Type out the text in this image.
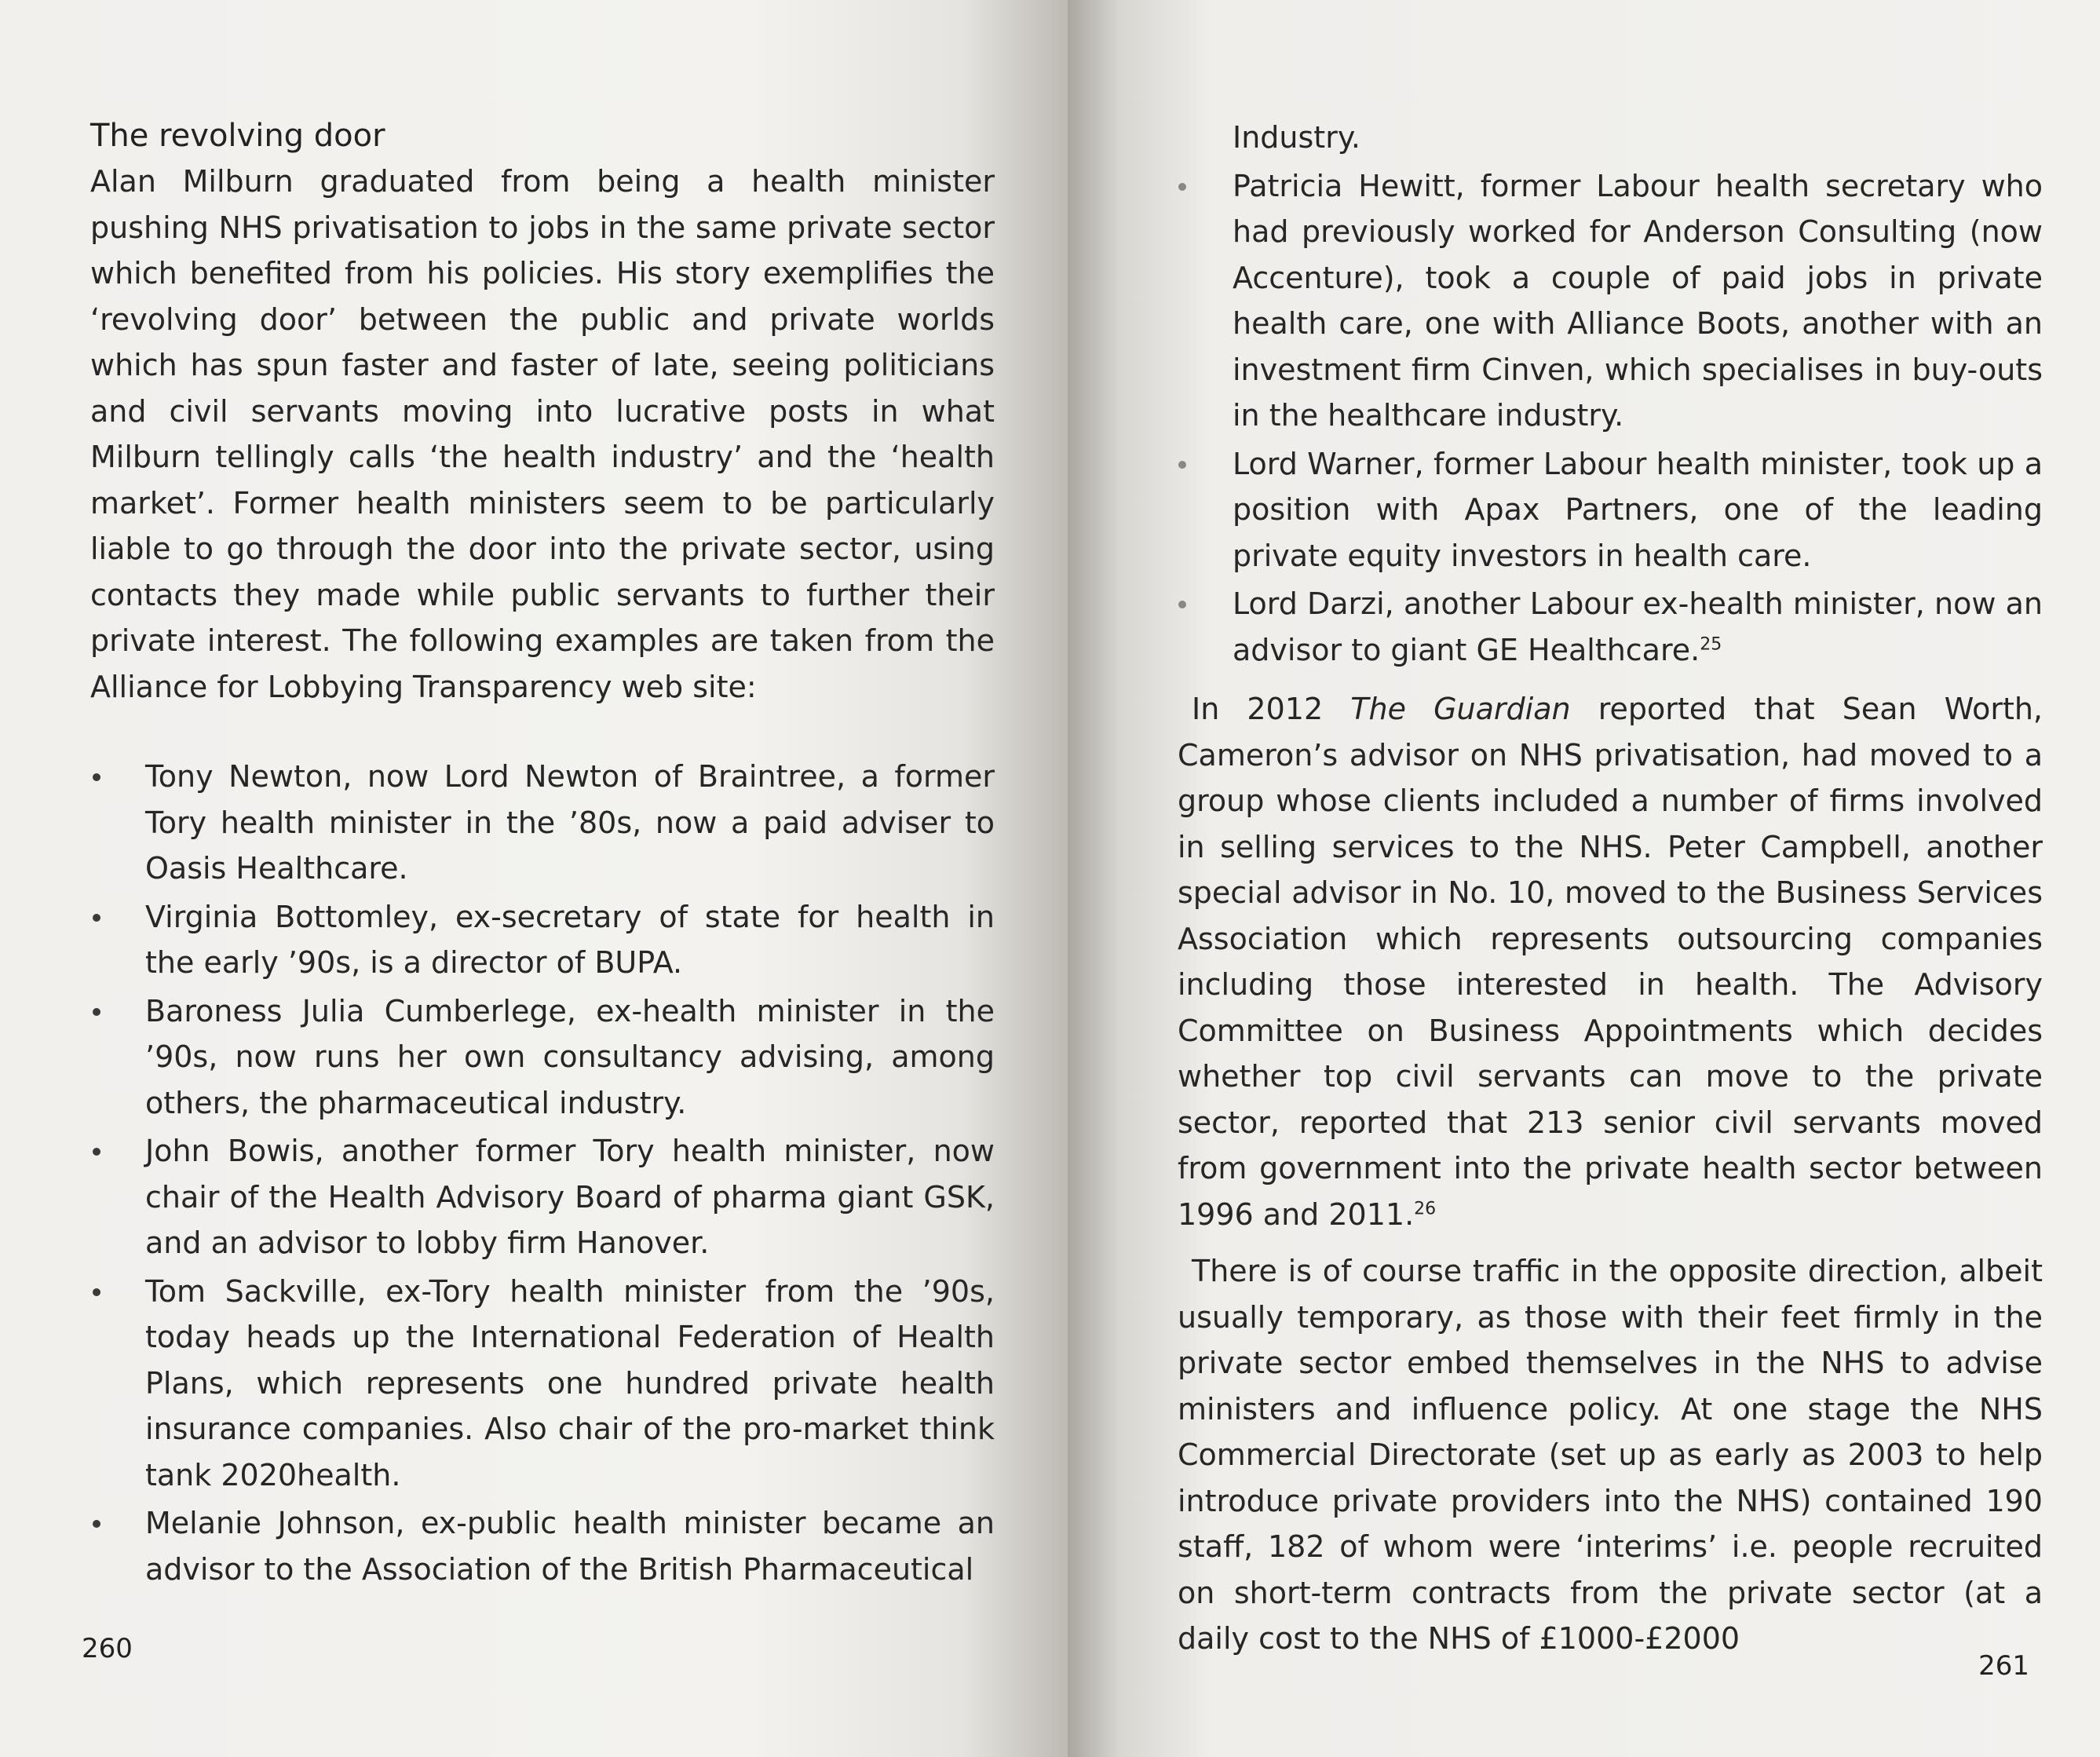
The revolving door

Alan Milburn graduated from being a health minister pushing NHS privatisation to jobs in the same private sector which benefited from his policies. His story exemplifies the ‘revolving door’ between the public and private worlds which has spun faster and faster of late, seeing politicians and civil servants moving into lucrative posts in what Milburn tellingly calls ‘the health industry’ and the ‘health market’. Former health ministers seem to be particularly liable to go through the door into the private sector, using contacts they made while public servants to further their private interest. The following examples are taken from the Alliance for Lobbying Transparency web site:

Tony Newton, now Lord Newton of Braintree, a former Tory health minister in the ’80s, now a paid adviser to Oasis Healthcare.
Virginia Bottomley, ex-secretary of state for health in the early ’90s, is a director of BUPA.
Baroness Julia Cumberlege, ex-health minister in the ’90s, now runs her own consultancy advising, among others, the pharmaceutical industry.
John Bowis, another former Tory health minister, now chair of the Health Advisory Board of pharma giant GSK, and an advisor to lobby firm Hanover.
Tom Sackville, ex-Tory health minister from the ’90s, today heads up the International Federation of Health Plans, which represents one hundred private health insurance companies. Also chair of the pro-market think tank 2020health.
Melanie Johnson, ex-public health minister became an advisor to the Association of the British Pharmaceutical
260
Industry.
Patricia Hewitt, former Labour health secretary who had previously worked for Anderson Consulting (now Accenture), took a couple of paid jobs in private health care, one with Alliance Boots, another with an investment firm Cinven, which specialises in buy-outs in the healthcare industry.
Lord Warner, former Labour health minister, took up a position with Apax Partners, one of the leading private equity investors in health care.
Lord Darzi, another Labour ex-health minister, now an advisor to giant GE Healthcare.$^{25}$

In 2012 The Guardian reported that Sean Worth, Cameron’s advisor on NHS privatisation, had moved to a group whose clients included a number of firms involved in selling services to the NHS. Peter Campbell, another special advisor in No. 10, moved to the Business Services Association which represents outsourcing companies including those interested in health. The Advisory Committee on Business Appointments which decides whether top civil servants can move to the private sector, reported that 213 senior civil servants moved from government into the private health sector between 1996 and 2011.26

There is of course traffic in the opposite direction, albeit usually temporary, as those with their feet firmly in the private sector embed themselves in the NHS to advise ministers and influence policy. At one stage the NHS Commercial Directorate (set up as early as 2003 to help introduce private providers into the NHS) contained 190 staff, 182 of whom were ‘interims’ i.e. people recruited on short-term contracts from the private sector (at a daily cost to the NHS of £1000-£2000

261
